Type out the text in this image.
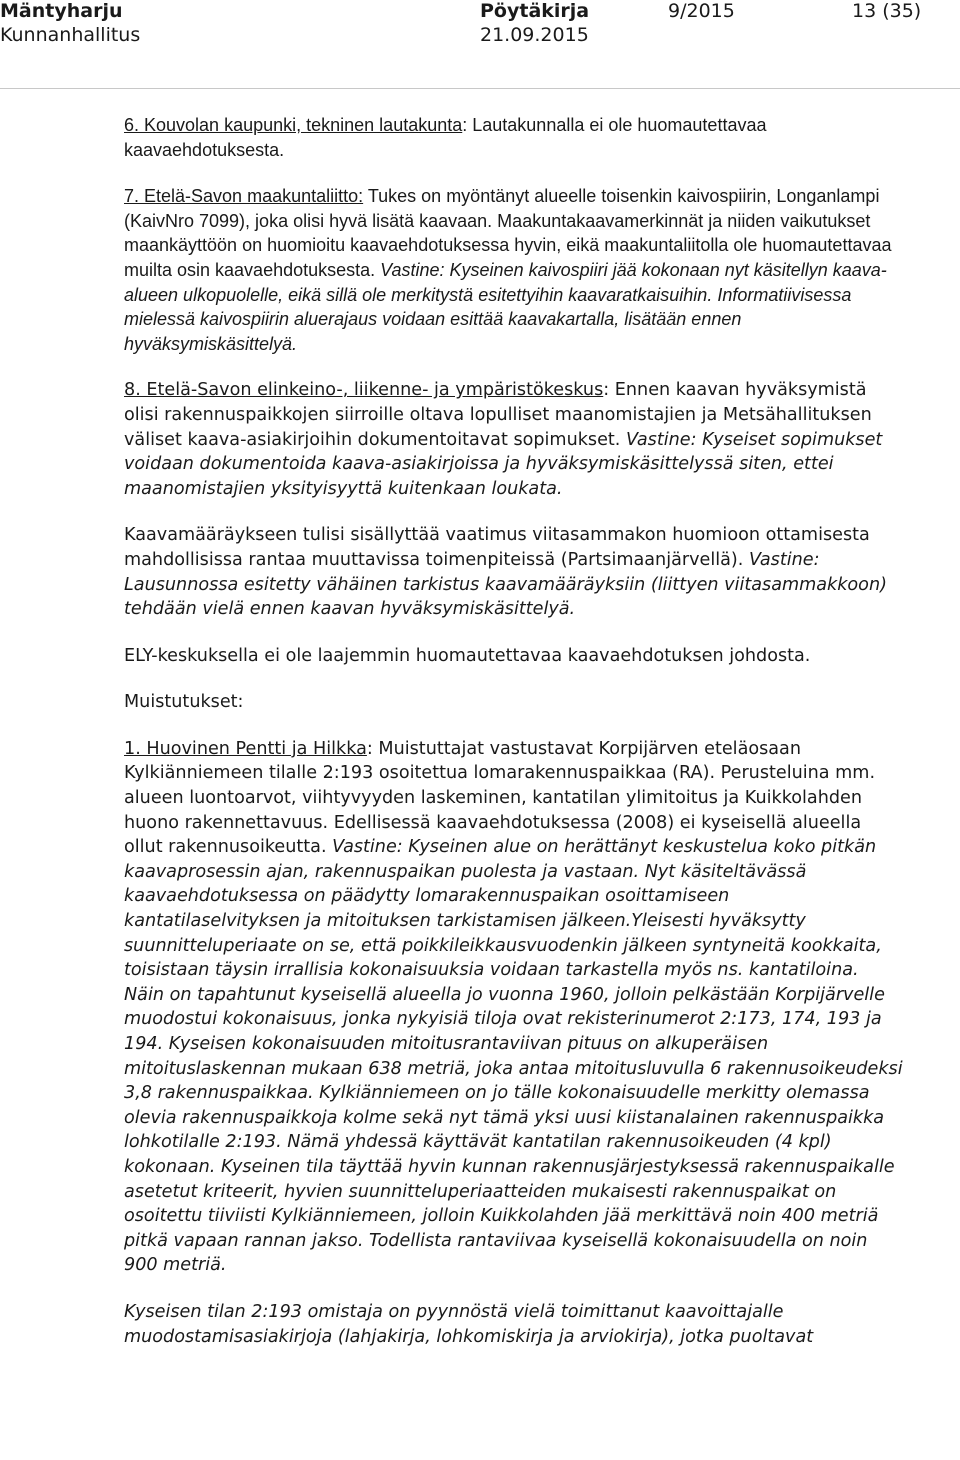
Mäntyharju
Kunnanhallitus
Pöytäkirja
21.09.2015
9/2015	13 (35)

6. Kouvolan kaupunki, tekninen lautakunta: Lautakunnalla ei ole huomautettavaa kaavaehdotuksesta.

7. Etelä-Savon maakuntaliitto: Tukes on myöntänyt alueelle toisenkin kaivospiirin, Longanlampi (KaivNro 7099), joka olisi hyvä lisätä kaavaan. Maakuntakaavamerkinnät ja niiden vaikutukset maankäyttöön on huomioitu kaavaehdotuksessa hyvin, eikä maakuntaliitolla ole huomautettavaa muilta osin kaavaehdotuksesta. Vastine: Kyseinen kaivospiiri jää kokonaan nyt käsitellyn kaava-alueen ulkopuolelle, eikä sillä ole merkitystä esitettyihin kaavaratkaisuihin. Informatiivisessa mielessä kaivospiirin aluerajaus voidaan esittää kaavakartalla, lisätään ennen hyväksymiskäsittelyä.

8. Etelä-Savon elinkeino-, liikenne- ja ympäristökeskus: Ennen kaavan hyväksymistä olisi rakennuspaikkojen siirroille oltava lopulliset maanomistajien ja Metsähallituksen väliset kaava-asiakirjoihin dokumentoitavat sopimukset. Vastine: Kyseiset sopimukset voidaan dokumentoida kaava-asiakirjoissa ja hyväksymiskäsittelyssä siten, ettei maanomistajien yksityisyyttä kuitenkaan loukata.

Kaavamääräykseen tulisi sisällyttää vaatimus viitasammakon huomioon ottamisesta mahdollisissa rantaa muuttavissa toimenpiteissä (Partsimaanjärvellä). Vastine: Lausunnossa esitetty vähäinen tarkistus kaavamääräyksiin (liittyen viitasammakkoon) tehdään vielä ennen kaavan hyväksymiskäsittelyä.

ELY-keskuksella ei ole laajemmin huomautettavaa kaavaehdotuksen johdosta.

Muistutukset:

1. Huovinen Pentti ja Hilkka: Muistuttajat vastustavat Korpijärven eteläosaan Kylkiänniemeen tilalle 2:193 osoitettua lomarakennuspaikkaa (RA). Perusteluina mm. alueen luontoarvot, viihtyvyyden laskeminen, kantatilan ylimitoitus ja Kuikkolahden huono rakennettavuus. Edellisessä kaavaehdotuksessa (2008) ei kyseisellä alueella ollut rakennusoikeutta. Vastine: Kyseinen alue on herättänyt keskustelua koko pitkän kaavaprosessin ajan, rakennuspaikan puolesta ja vastaan. Nyt käsiteltävässä kaavaehdotuksessa on päädytty lomarakennuspaikan osoittamiseen kantatilaselvityksen ja mitoituksen tarkistamisen jälkeen.Yleisesti hyväksytty suunnitteluperiaate on se, että poikkileikkausvuodenkin jälkeen syntyneitä kookkaita, toisistaan täysin irrallisia kokonaisuuksia voidaan tarkastella myös ns. kantatiloina. Näin on tapahtunut kyseisellä alueella jo vuonna 1960, jolloin pelkästään Korpijärvelle muodostui kokonaisuus, jonka nykyisiä tiloja ovat rekisterinumerot 2:173, 174, 193 ja 194. Kyseisen kokonaisuuden mitoitusrantaviivan pituus on alkuperäisen mitoituslaskennan mukaan 638 metriä, joka antaa mitoitusluvulla 6 rakennusoikeudeksi 3,8 rakennuspaikkaa. Kylkiänniemeen on jo tälle kokonaisuudelle merkitty olemassa olevia rakennuspaikkoja kolme sekä nyt tämä yksi uusi kiistanalainen rakennuspaikka lohkotilalle 2:193. Nämä yhdessä käyttävät kantatilan rakennusoikeuden (4 kpl) kokonaan. Kyseinen tila täyttää hyvin kunnan rakennusjärjestyksessä rakennuspaikalle asetetut kriteerit, hyvien suunnitteluperiaatteiden mukaisesti rakennuspaikat on osoitettu tiiviisti Kylkiänniemeen, jolloin Kuikkolahden jää merkittävä noin 400 metriä pitkä vapaan rannan jakso. Todellista rantaviivaa kyseisellä kokonaisuudella on noin 900 metriä.

Kyseisen tilan 2:193 omistaja on pyynnöstä vielä toimittanut kaavoittajalle muodostamisasiakirjoja (lahjakirja, lohkomiskirja ja arviokirja), jotka puoltavat
